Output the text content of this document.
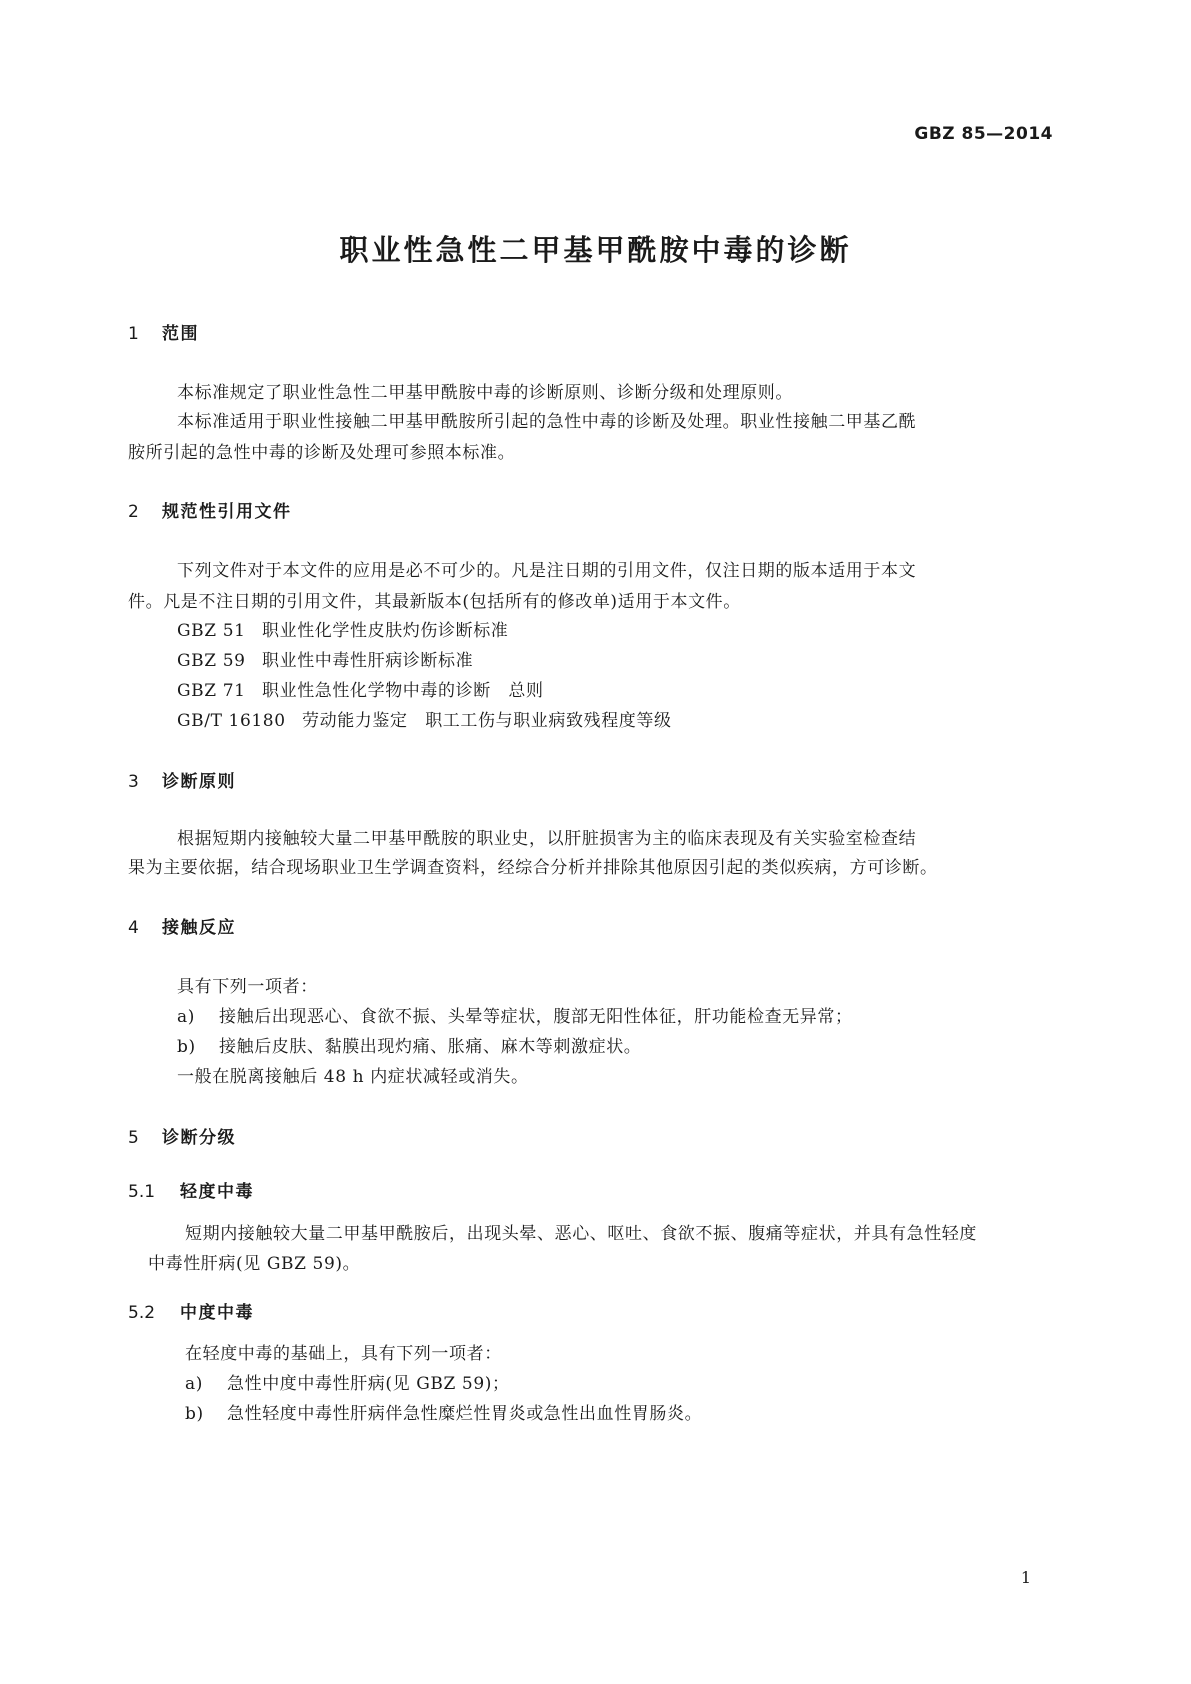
GBZ 85—2014
职业性急性二甲基甲酰胺中毒的诊断
1 范围
本标准规定了职业性急性二甲基甲酰胺中毒的诊断原则、诊断分级和处理原则。
本标准适用于职业性接触二甲基甲酰胺所引起的急性中毒的诊断及处理。职业性接触二甲基乙酰
胺所引起的急性中毒的诊断及处理可参照本标准。
2 规范性引用文件
下列文件对于本文件的应用是必不可少的。凡是注日期的引用文件，仅注日期的版本适用于本文
件。凡是不注日期的引用文件，其最新版本(包括所有的修改单)适用于本文件。
GBZ 51 职业性化学性皮肤灼伤诊断标准
GBZ 59 职业性中毒性肝病诊断标准
GBZ 71 职业性急性化学物中毒的诊断　总则
GB/T 16180 劳动能力鉴定　职工工伤与职业病致残程度等级
3 诊断原则
根据短期内接触较大量二甲基甲酰胺的职业史，以肝脏损害为主的临床表现及有关实验室检查结
果为主要依据，结合现场职业卫生学调查资料，经综合分析并排除其他原因引起的类似疾病，方可诊断。
4 接触反应
具有下列一项者：
a) 接触后出现恶心、食欲不振、头晕等症状，腹部无阳性体征，肝功能检查无异常；
b) 接触后皮肤、黏膜出现灼痛、胀痛、麻木等刺激症状。
一般在脱离接触后 48 h 内症状减轻或消失。
5 诊断分级
5.1 轻度中毒
短期内接触较大量二甲基甲酰胺后，出现头晕、恶心、呕吐、食欲不振、腹痛等症状，并具有急性轻度
中毒性肝病(见 GBZ 59)。
5.2 中度中毒
在轻度中毒的基础上，具有下列一项者：
a) 急性中度中毒性肝病(见 GBZ 59)；
b) 急性轻度中毒性肝病伴急性糜烂性胃炎或急性出血性胃肠炎。
1
